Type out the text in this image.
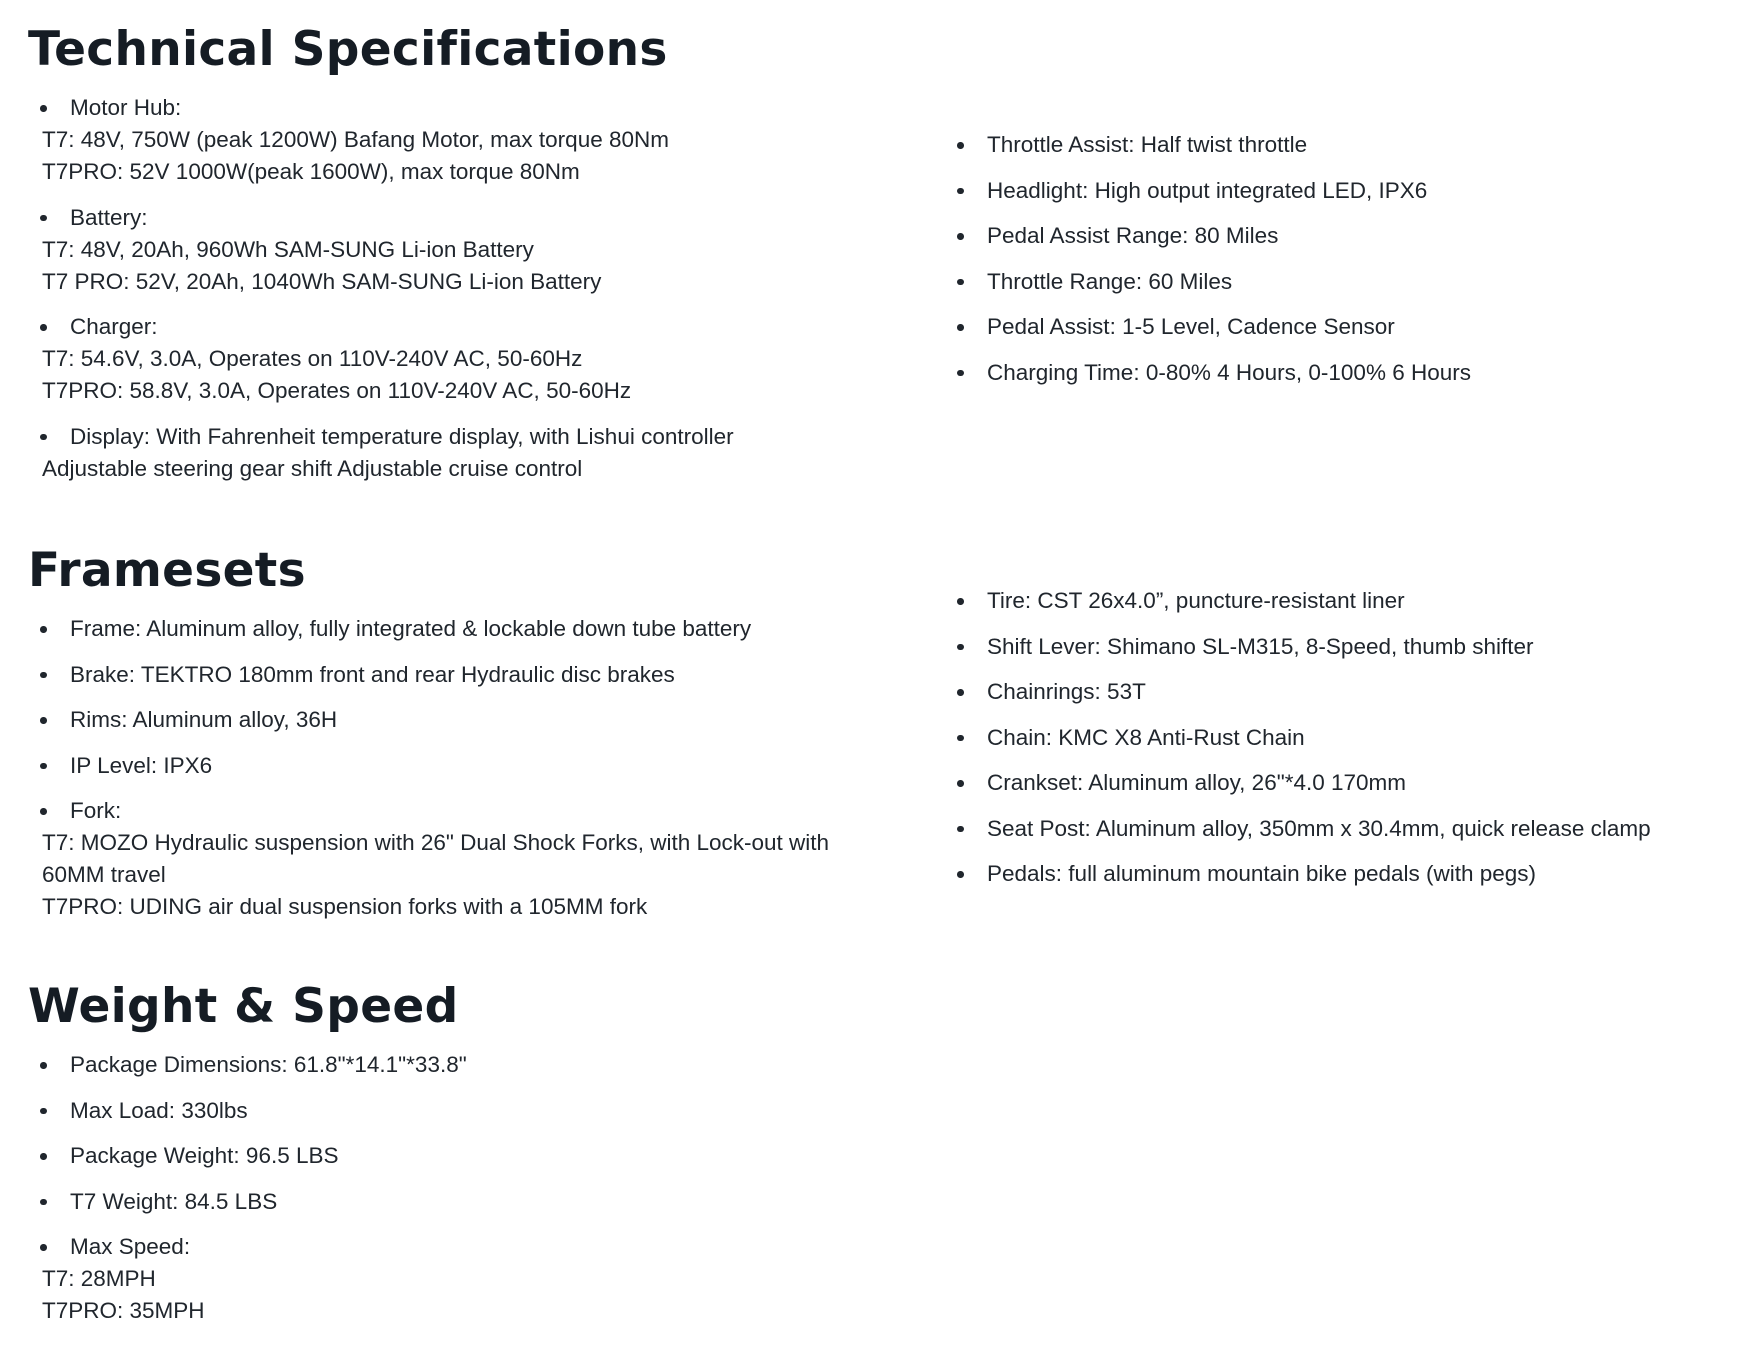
Technical Specifications
Motor Hub:
T7: 48V, 750W (peak 1200W) Bafang Motor, max torque 80Nm
T7PRO: 52V 1000W(peak 1600W), max torque 80Nm
Battery:
T7: 48V, 20Ah, 960Wh SAM-SUNG Li-ion Battery
T7 PRO: 52V, 20Ah, 1040Wh SAM-SUNG Li-ion Battery
Charger:
T7: 54.6V, 3.0A, Operates on 110V-240V AC, 50-60Hz
T7PRO: 58.8V, 3.0A, Operates on 110V-240V AC, 50-60Hz
Display: With Fahrenheit temperature display, with Lishui controller
Adjustable steering gear shift Adjustable cruise control
Throttle Assist: Half twist throttle
Headlight: High output integrated LED, IPX6
Pedal Assist Range: 80 Miles
Throttle Range: 60 Miles
Pedal Assist: 1-5 Level, Cadence Sensor
Charging Time: 0-80% 4 Hours, 0-100% 6 Hours
Framesets
Frame: Aluminum alloy, fully integrated & lockable down tube battery
Brake: TEKTRO 180mm front and rear Hydraulic disc brakes
Rims: Aluminum alloy, 36H
IP Level: IPX6
Fork:
T7: MOZO Hydraulic suspension with 26" Dual Shock Forks, with Lock-out with
60MM travel
T7PRO: UDING air dual suspension forks with a 105MM fork
Tire: CST 26x4.0”, puncture-resistant liner
Shift Lever: Shimano SL-M315, 8-Speed, thumb shifter
Chainrings: 53T
Chain: KMC X8 Anti-Rust Chain
Crankset: Aluminum alloy, 26"*4.0 170mm
Seat Post: Aluminum alloy, 350mm x 30.4mm, quick release clamp
Pedals: full aluminum mountain bike pedals (with pegs)
Weight & Speed
Package Dimensions: 61.8"*14.1"*33.8"
Max Load: 330lbs
Package Weight: 96.5 LBS
T7 Weight: 84.5 LBS
Max Speed:
T7: 28MPH
T7PRO: 35MPH
